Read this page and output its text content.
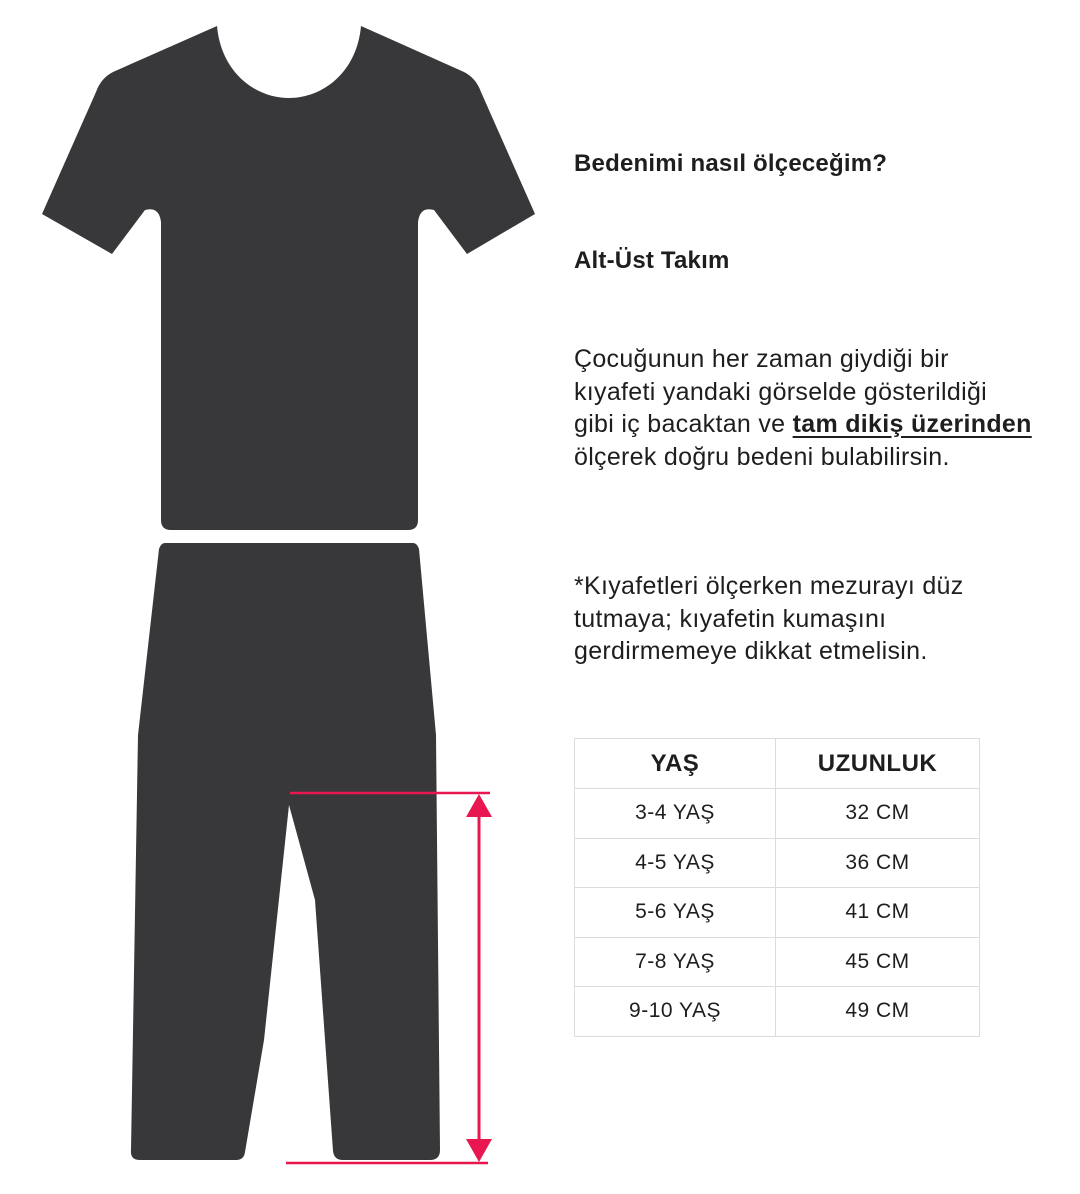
Bedenimi nasıl ölçeceğim?
Alt-Üst Takım

Çocuğunun her zaman giydiği bir kıyafeti yandaki görselde gösterildiği gibi iç bacaktan ve tam dikiş üzerinden ölçerek doğru bedeni bulabilirsin.

*Kıyafetleri ölçerken mezurayı düz tutmaya; kıyafetin kumaşını gerdirmemeye dikkat etmelisin.

YAŞ	UZUNLUK
3-4 YAŞ	32 CM
4-5 YAŞ	36 CM
5-6 YAŞ	41 CM
7-8 YAŞ	45 CM
9-10 YAŞ	49 CM
